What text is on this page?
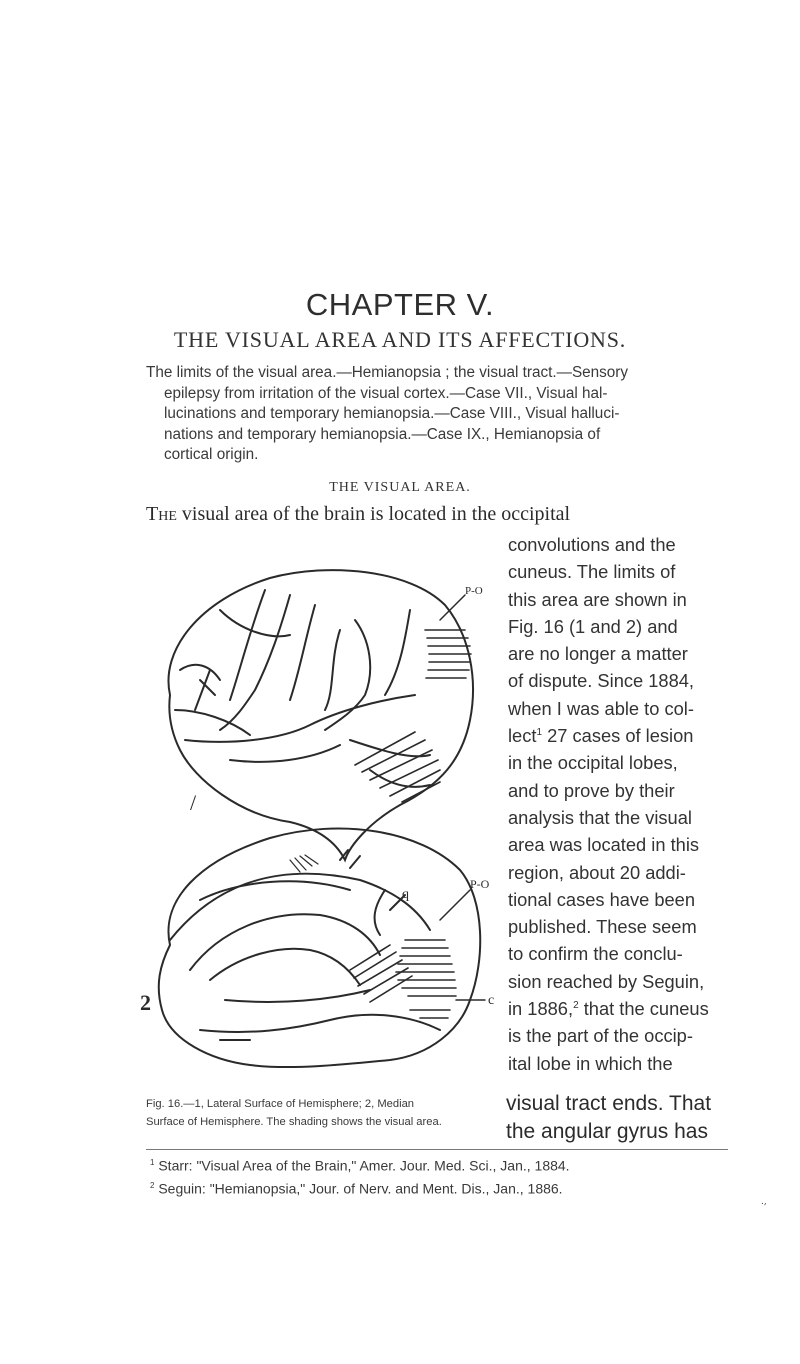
CHAPTER V.
THE VISUAL AREA AND ITS AFFECTIONS.
The limits of the visual area.—Hemianopsia ; the visual tract.—Sensory
epilepsy from irritation of the visual cortex.—Case VII., Visual hal-
lucinations and temporary hemianopsia.—Case VIII., Visual halluci-
nations and temporary hemianopsia.—Case IX., Hemianopsia of
cortical origin.
THE VISUAL AREA.
The visual area of the brain is located in the occipital
convolutions and the
cuneus. The limits of
this area are shown in
Fig. 16 (1 and 2) and
are no longer a matter
of dispute. Since 1884,
when I was able to col-
lect$^1$ 27 cases of lesion
in the occipital lobes,
and to prove by their
analysis that the visual
area was located in this
region, about 20 addi-
tional cases have been
published. These seem
to confirm the conclu-
sion reached by Seguin,
in 1886,$^2$ that the cuneus
is the part of the occip-
ital lobe in which the
P-O
/
P-O
c
q
2
Fig. 16.—1, Lateral Surface of Hemisphere; 2, Median
Surface of Hemisphere. The shading shows the visual area.
visual tract ends. That
the angular gyrus has
$^1$ Starr: "Visual Area of the Brain," Amer. Jour. Med. Sci., Jan., 1884.
$^2$ Seguin: "Hemianopsia," Jour. of Nerv. and Ment. Dis., Jan., 1886.
.,
